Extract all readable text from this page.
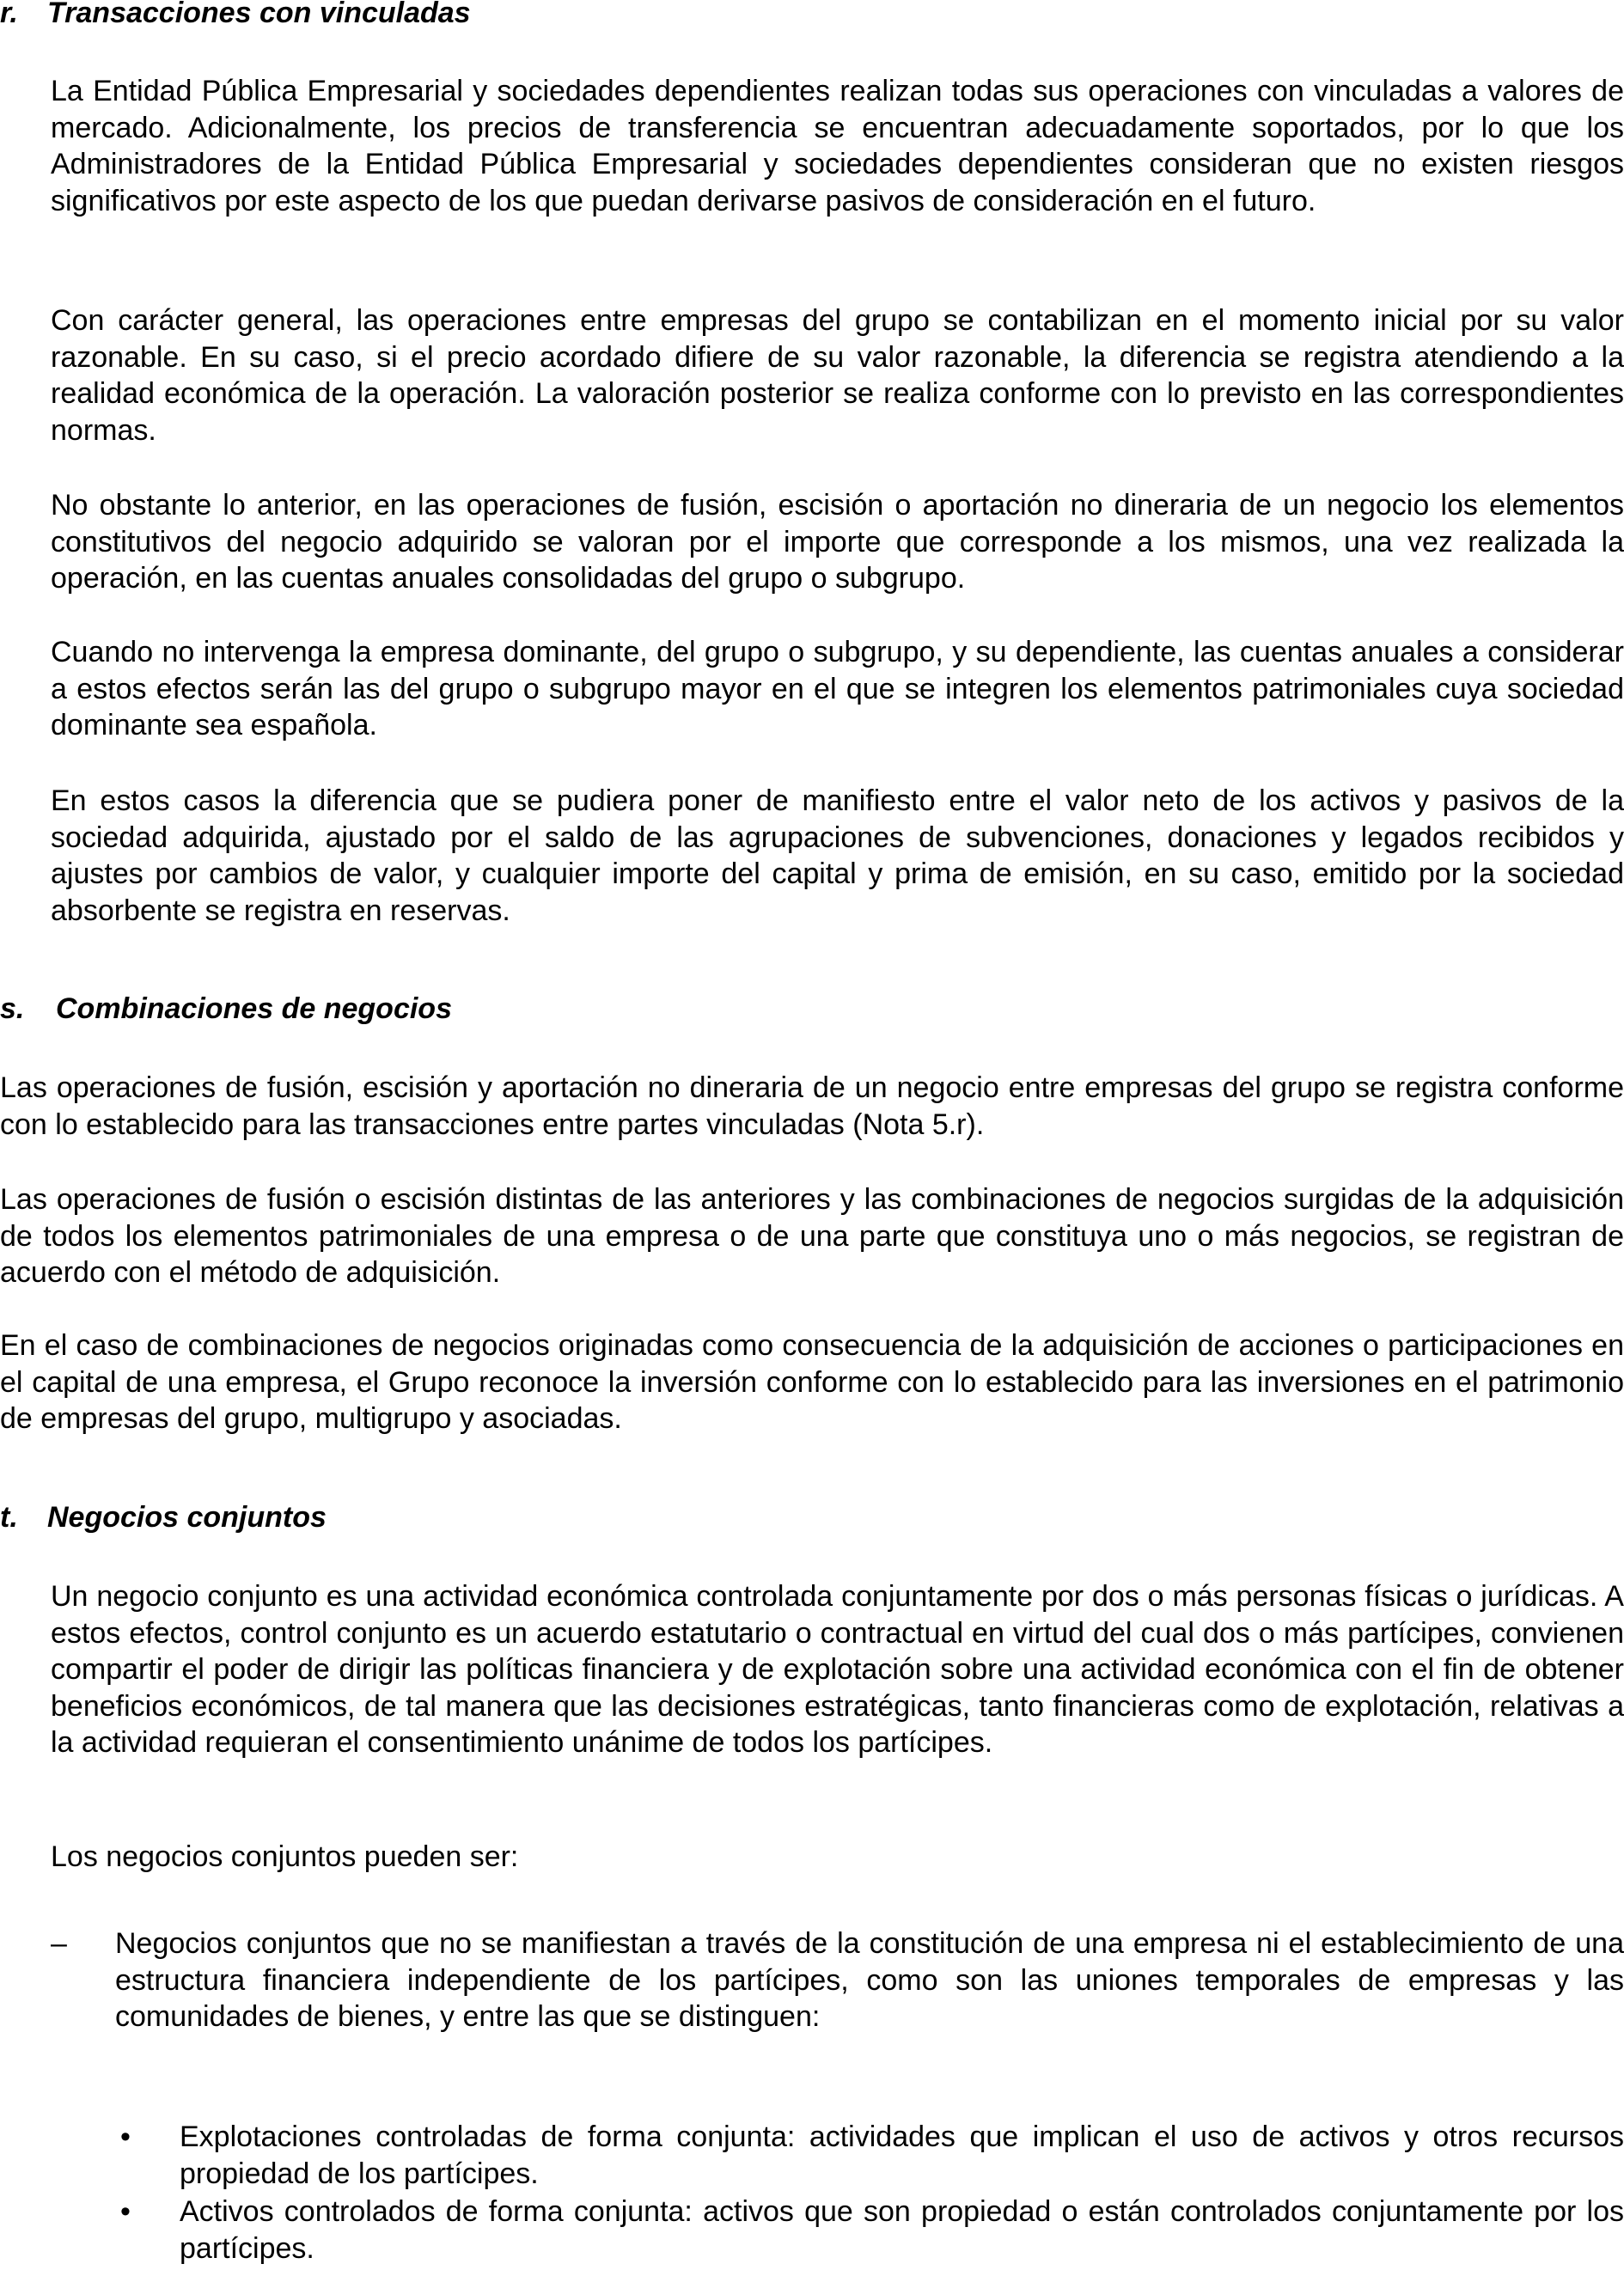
r. Transacciones con vinculadas

La Entidad Pública Empresarial y sociedades dependientes realizan todas sus operaciones con vinculadas a valores de mercado. Adicionalmente, los precios de transferencia se encuentran adecuadamente soportados, por lo que los Administradores de la Entidad Pública Empresarial y sociedades dependientes consideran que no existen riesgos significativos por este aspecto de los que puedan derivarse pasivos de consideración en el futuro.

Con carácter general, las operaciones entre empresas del grupo se contabilizan en el momento inicial por su valor razonable. En su caso, si el precio acordado difiere de su valor razonable, la diferencia se registra atendiendo a la realidad económica de la operación. La valoración posterior se realiza conforme con lo previsto en las correspondientes normas.

No obstante lo anterior, en las operaciones de fusión, escisión o aportación no dineraria de un negocio los elementos constitutivos del negocio adquirido se valoran por el importe que corresponde a los mismos, una vez realizada la operación, en las cuentas anuales consolidadas del grupo o subgrupo.

Cuando no intervenga la empresa dominante, del grupo o subgrupo, y su dependiente, las cuentas anuales a considerar a estos efectos serán las del grupo o subgrupo mayor en el que se integren los elementos patrimoniales cuya sociedad dominante sea española.

En estos casos la diferencia que se pudiera poner de manifiesto entre el valor neto de los activos y pasivos de la sociedad adquirida, ajustado por el saldo de las agrupaciones de subvenciones, donaciones y legados recibidos y ajustes por cambios de valor, y cualquier importe del capital y prima de emisión, en su caso, emitido por la sociedad absorbente se registra en reservas.

s. Combinaciones de negocios

Las operaciones de fusión, escisión y aportación no dineraria de un negocio entre empresas del grupo se registra conforme con lo establecido para las transacciones entre partes vinculadas (Nota 5.r).

Las operaciones de fusión o escisión distintas de las anteriores y las combinaciones de negocios surgidas de la adquisición de todos los elementos patrimoniales de una empresa o de una parte que constituya uno o más negocios, se registran de acuerdo con el método de adquisición.

En el caso de combinaciones de negocios originadas como consecuencia de la adquisición de acciones o participaciones en el capital de una empresa, el Grupo reconoce la inversión conforme con lo establecido para las inversiones en el patrimonio de empresas del grupo, multigrupo y asociadas.

t. Negocios conjuntos

Un negocio conjunto es una actividad económica controlada conjuntamente por dos o más personas físicas o jurídicas. A estos efectos, control conjunto es un acuerdo estatutario o contractual en virtud del cual dos o más partícipes, convienen compartir el poder de dirigir las políticas financiera y de explotación sobre una actividad económica con el fin de obtener beneficios económicos, de tal manera que las decisiones estratégicas, tanto financieras como de explotación, relativas a la actividad requieran el consentimiento unánime de todos los partícipes.

Los negocios conjuntos pueden ser:

– Negocios conjuntos que no se manifiestan a través de la constitución de una empresa ni el establecimiento de una estructura financiera independiente de los partícipes, como son las uniones temporales de empresas y las comunidades de bienes, y entre las que se distinguen:

• Explotaciones controladas de forma conjunta: actividades que implican el uso de activos y otros recursos propiedad de los partícipes.

• Activos controlados de forma conjunta: activos que son propiedad o están controlados conjuntamente por los partícipes.
